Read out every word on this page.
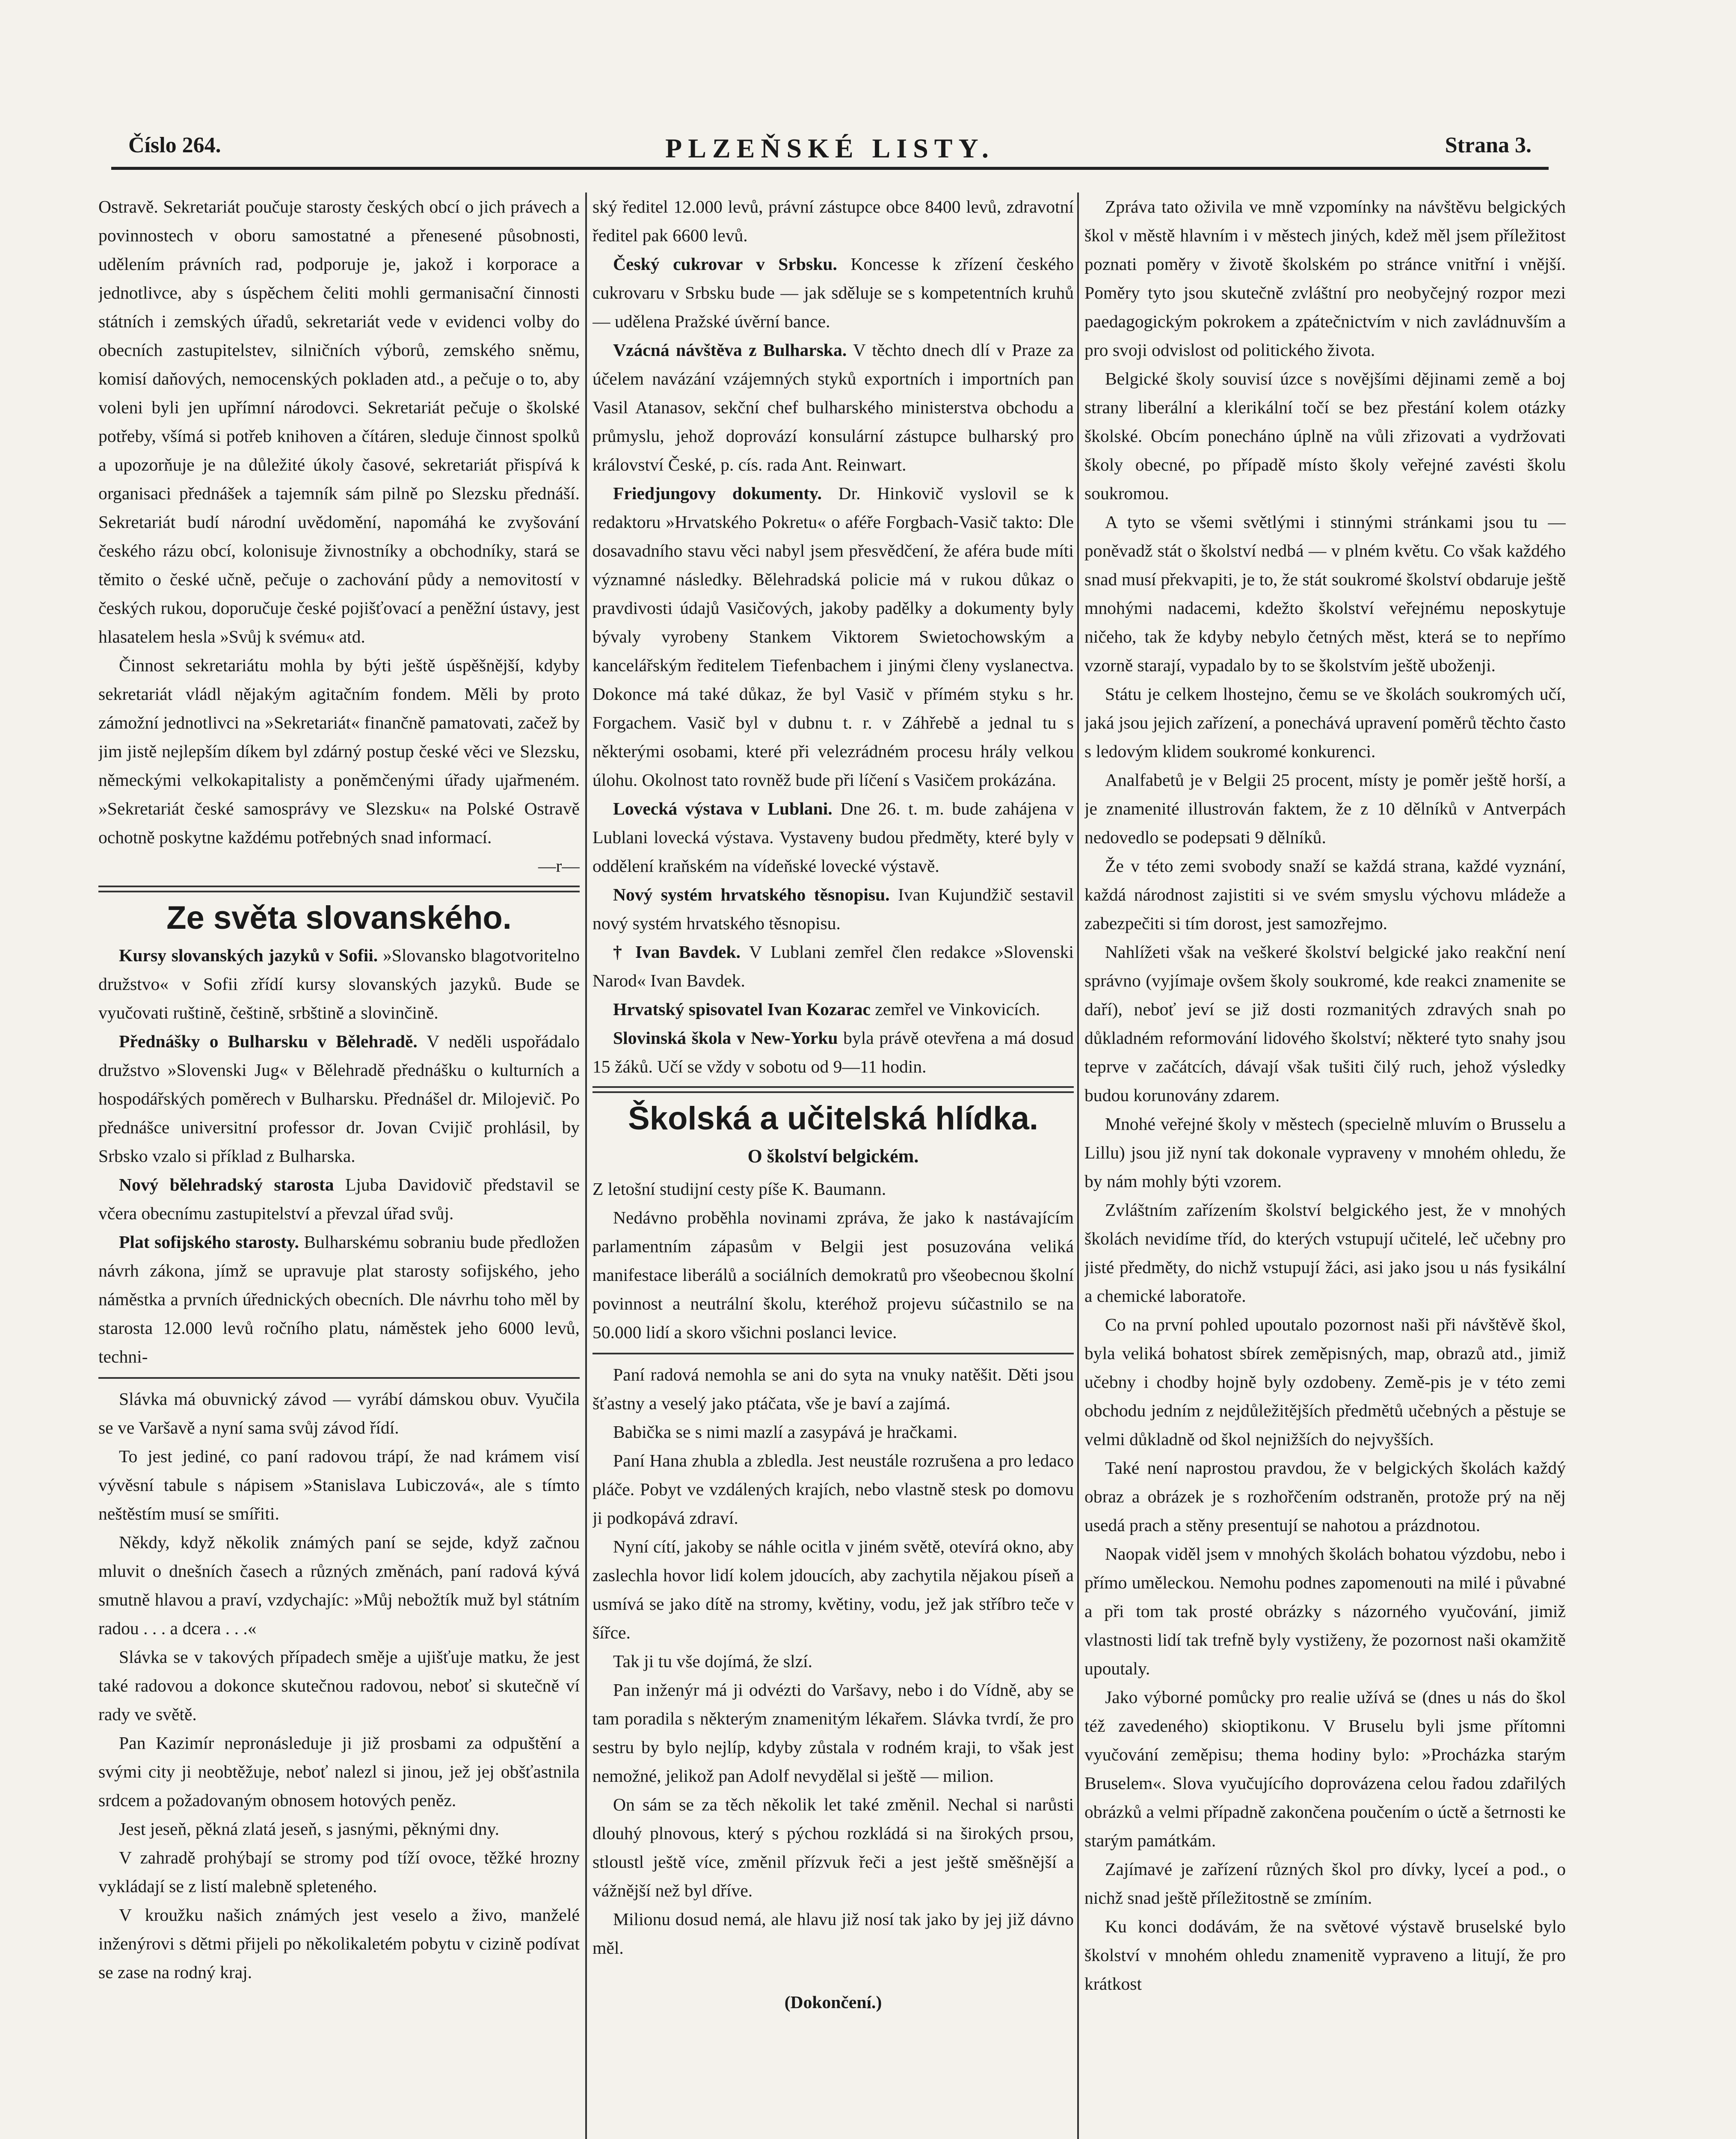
Číslo 264.	PLZEŇSKÉ LISTY.	Strana 3.

Ostravě. Sekretariát poučuje starosty českých obcí o jich právech a povinnostech v oboru samostatné a přenesené působnosti, udělením právních rad, podporuje je, jakož i korporace a jednotlivce, aby s úspěchem čeliti mohli germanisační činnosti státních i zemských úřadů, sekretariát vede v evidenci volby do obecních zastupitelstev, silničních výborů, zemského sněmu, komisí daňových, nemocenských pokladen atd., a pečuje o to, aby voleni byli jen upřímní národovci. Sekretariát pečuje o školské potřeby, všímá si potřeb knihoven a čítáren, sleduje činnost spolků a upozorňuje je na důležité úkoly časové, sekretariát přispívá k organisaci přednášek a tajemník sám pilně po Slezsku přednáší. Sekretariát budí národní uvědomění, napomáhá ke zvyšování českého rázu obcí, kolonisuje živnostníky a obchodníky, stará se těmito o české učně, pečuje o zachování půdy a nemovitostí v českých rukou, doporučuje české pojišťovací a peněžní ústavy, jest hlasatelem hesla »Svůj k svému« atd.

Činnost sekretariátu mohla by býti ještě úspěšnější, kdyby sekretariát vládl nějakým agitačním fondem. Měli by proto zámožní jednotlivci na »Sekretariát« finančně pamatovati, začež by jim jistě nejlepším díkem byl zdárný postup české věci ve Slezsku, německými velkokapitalisty a poněmčenými úřady ujařmeném. »Sekretariát české samosprávy ve Slezsku« na Polské Ostravě ochotně poskytne každému potřebných snad informací.

—r—

Ze světa slovanského.

Kursy slovanských jazyků v Sofii. »Slovansko blagotvoritelno družstvo« v Sofii zřídí kursy slovanských jazyků. Bude se vyučovati ruštině, češtině, srbštině a slovinčině.

Přednášky o Bulharsku v Bělehradě. V neděli uspořádalo družstvo »Slovenski Jug« v Bělehradě přednášku o kulturních a hospodářských poměrech v Bulharsku. Přednášel dr. Milojevič. Po přednášce universitní professor dr. Jovan Cvijič prohlásil, by Srbsko vzalo si příklad z Bulharska.

Nový bělehradský starosta Ljuba Davidovič představil se včera obecnímu zastupitelství a převzal úřad svůj.

Plat sofijského starosty. Bulharskému sobraniu bude předložen návrh zákona, jímž se upravuje plat starosty sofijského, jeho náměstka a prvních úřednických obecních. Dle návrhu toho měl by starosta 12.000 levů ročního platu, náměstek jeho 6000 levů, techni-

Slávka má obuvnický závod — vyrábí dámskou obuv. Vyučila se ve Varšavě a nyní sama svůj závod řídí.

To jest jediné, co paní radovou trápí, že nad krámem visí vývěsní tabule s nápisem »Stanislava Lubiczová«, ale s tímto neštěstím musí se smířiti.

Někdy, když několik známých paní se sejde, když začnou mluvit o dnešních časech a různých změnách, paní radová kývá smutně hlavou a praví, vzdychajíc: »Můj nebožtík muž byl státním radou . . . a dcera . . .«

Slávka se v takových případech směje a ujišťuje matku, že jest také radovou a dokonce skutečnou radovou, neboť si skutečně ví rady ve světě.

Pan Kazimír nepronásleduje ji již prosbami za odpuštění a svými city ji neobtěžuje, neboť nalezl si jinou, jež jej obšťastnila srdcem a požadovaným obnosem hotových peněz.

Jest jeseň, pěkná zlatá jeseň, s jasnými, pěknými dny.

V zahradě prohýbají se stromy pod tíží ovoce, těžké hrozny vykládají se z listí malebně spleteného.

V kroužku našich známých jest veselo a živo, manželé inženýrovi s dětmi přijeli po několikaletém pobytu v cizině podívat se zase na rodný kraj.

ský ředitel 12.000 levů, právní zástupce obce 8400 levů, zdravotní ředitel pak 6600 levů.

Český cukrovar v Srbsku. Koncesse k zřízení českého cukrovaru v Srbsku bude — jak sděluje se s kompetentních kruhů — udělena Pražské úvěrní bance.

Vzácná návštěva z Bulharska. V těchto dnech dlí v Praze za účelem navázání vzájemných styků exportních i importních pan Vasil Atanasov, sekční chef bulharského ministerstva obchodu a průmyslu, jehož doprovází konsulární zástupce bulharský pro království České, p. cís. rada Ant. Reinwart.

Friedjungovy dokumenty. Dr. Hinkovič vyslovil se k redaktoru »Hrvatského Pokretu« o aféře Forgbach-Vasič takto: Dle dosavadního stavu věci nabyl jsem přesvědčení, že aféra bude míti významné následky. Bělehradská policie má v rukou důkaz o pravdivosti údajů Vasičových, jakoby padělky a dokumenty byly bývaly vyrobeny Stankem Viktorem Swietochowským a kancelářským ředitelem Tiefenbachem i jinými členy vyslanectva. Dokonce má také důkaz, že byl Vasič v přímém styku s hr. Forgachem. Vasič byl v dubnu t. r. v Záhřebě a jednal tu s některými osobami, které při velezrádném procesu hrály velkou úlohu. Okolnost tato rovněž bude při líčení s Vasičem prokázána.

Lovecká výstava v Lublani. Dne 26. t. m. bude zahájena v Lublani lovecká výstava. Vystaveny budou předměty, které byly v oddělení kraňském na vídeňské lovecké výstavě.

Nový systém hrvatského těsnopisu. Ivan Kujundžič sestavil nový systém hrvatského těsnopisu.

† Ivan Bavdek. V Lublani zemřel člen redakce »Slovenski Narod« Ivan Bavdek.

Hrvatský spisovatel Ivan Kozarac zemřel ve Vinkovicích.

Slovinská škola v New-Yorku byla právě otevřena a má dosud 15 žáků. Učí se vždy v sobotu od 9—11 hodin.

Školská a učitelská hlídka.
O školství belgickém.

Z letošní studijní cesty píše K. Baumann.

Nedávno proběhla novinami zpráva, že jako k nastávajícím parlamentním zápasům v Belgii jest posuzována veliká manifestace liberálů a sociálních demokratů pro všeobecnou školní povinnost a neutrální školu, kteréhož projevu súčastnilo se na 50.000 lidí a skoro všichni poslanci levice.

Paní radová nemohla se ani do syta na vnuky natěšit. Děti jsou šťastny a veselý jako ptáčata, vše je baví a zajímá.

Babička se s nimi mazlí a zasypává je hračkami.

Paní Hana zhubla a zbledla. Jest neustále rozrušena a pro ledaco pláče. Pobyt ve vzdálených krajích, nebo vlastně stesk po domovu ji podkopává zdraví.

Nyní cítí, jakoby se náhle ocitla v jiném světě, otevírá okno, aby zaslechla hovor lidí kolem jdoucích, aby zachytila nějakou píseň a usmívá se jako dítě na stromy, květiny, vodu, jež jak stříbro teče v šířce.

Tak ji tu vše dojímá, že slzí.

Pan inženýr má ji odvézti do Varšavy, nebo i do Vídně, aby se tam poradila s některým znamenitým lékařem. Slávka tvrdí, že pro sestru by bylo nejlíp, kdyby zůstala v rodném kraji, to však jest nemožné, jelikož pan Adolf nevydělal si ještě — milion.

On sám se za těch několik let také změnil. Nechal si narůsti dlouhý plnovous, který s pýchou rozkládá si na širokých prsou, stloustl ještě více, změnil přízvuk řeči a jest ještě směšnější a vážnější než byl dříve.

Milionu dosud nemá, ale hlavu již nosí tak jako by jej již dávno měl.

(Dokončení.)

Zpráva tato oživila ve mně vzpomínky na návštěvu belgických škol v městě hlavním i v městech jiných, kdež měl jsem příležitost poznati poměry v životě školském po stránce vnitřní i vnější. Poměry tyto jsou skutečně zvláštní pro neobyčejný rozpor mezi paedagogickým pokrokem a zpátečnictvím v nich zavládnuvším a pro svoji odvislost od politického života.

Belgické školy souvisí úzce s novějšími dějinami země a boj strany liberální a klerikální točí se bez přestání kolem otázky školské. Obcím ponecháno úplně na vůli zřizovati a vydržovati školy obecné, po případě místo školy veřejné zavésti školu soukromou.

A tyto se všemi světlými i stinnými stránkami jsou tu — poněvadž stát o školství nedbá — v plném květu. Co však každého snad musí překvapiti, je to, že stát soukromé školství obdaruje ještě mnohými nadacemi, kdežto školství veřejnému neposkytuje ničeho, tak že kdyby nebylo četných měst, která se to nepřímo vzorně starají, vypadalo by to se školstvím ještě uboženji.

Státu je celkem lhostejno, čemu se ve školách soukromých učí, jaká jsou jejich zařízení, a ponechává upravení poměrů těchto často s ledovým klidem soukromé konkurenci.

Analfabetů je v Belgii 25 procent, místy je poměr ještě horší, a je znamenité illustrován faktem, že z 10 dělníků v Antverpách nedovedlo se podepsati 9 dělníků.

Že v této zemi svobody snaží se každá strana, každé vyznání, každá národnost zajistiti si ve svém smyslu výchovu mládeže a zabezpečiti si tím dorost, jest samozřejmo.

Nahlížeti však na veškeré školství belgické jako reakční není správno (vyjímaje ovšem školy soukromé, kde reakci znamenite se daří), neboť jeví se již dosti rozmanitých zdravých snah po důkladném reformování lidového školství; některé tyto snahy jsou teprve v začátcích, dávají však tušiti čilý ruch, jehož výsledky budou korunovány zdarem.

Mnohé veřejné školy v městech (specielně mluvím o Brusselu a Lillu) jsou již nyní tak dokonale vypraveny v mnohém ohledu, že by nám mohly býti vzorem.

Zvláštním zařízením školství belgického jest, že v mnohých školách nevidíme tříd, do kterých vstupují učitelé, leč učebny pro jisté předměty, do nichž vstupují žáci, asi jako jsou u nás fysikální a chemické laboratoře.

Co na první pohled upoutalo pozornost naši při návštěvě škol, byla veliká bohatost sbírek zeměpisných, map, obrazů atd., jimiž učebny i chodby hojně byly ozdobeny. Země-pis je v této zemi obchodu jedním z nejdůležitějších předmětů učebných a pěstuje se velmi důkladně od škol nejnižších do nejvyšších.

Také není naprostou pravdou, že v belgických školách každý obraz a obrázek je s rozhořčením odstraněn, protože prý na něj usedá prach a stěny presentují se nahotou a prázdnotou.

Naopak viděl jsem v mnohých školách bohatou výzdobu, nebo i přímo uměleckou. Nemohu podnes zapomenouti na milé i půvabné a při tom tak prosté obrázky s názorného vyučování, jimiž vlastnosti lidí tak trefně byly vystiženy, že pozornost naši okamžitě upoutaly.

Jako výborné pomůcky pro realie užívá se (dnes u nás do škol též zavedeného) skioptikonu. V Bruselu byli jsme přítomni vyučování zeměpisu; thema hodiny bylo: »Procházka starým Bruselem«. Slova vyučujícího doprovázena celou řadou zdařilých obrázků a velmi případně zakončena poučením o úctě a šetrnosti ke starým památkám.

Zajímavé je zařízení různých škol pro dívky, lyceí a pod., o nichž snad ještě příležitostně se zmíním.

Ku konci dodávám, že na světové výstavě bruselské bylo školství v mnohém ohledu znamenitě vypraveno a litují, že pro krátkost
